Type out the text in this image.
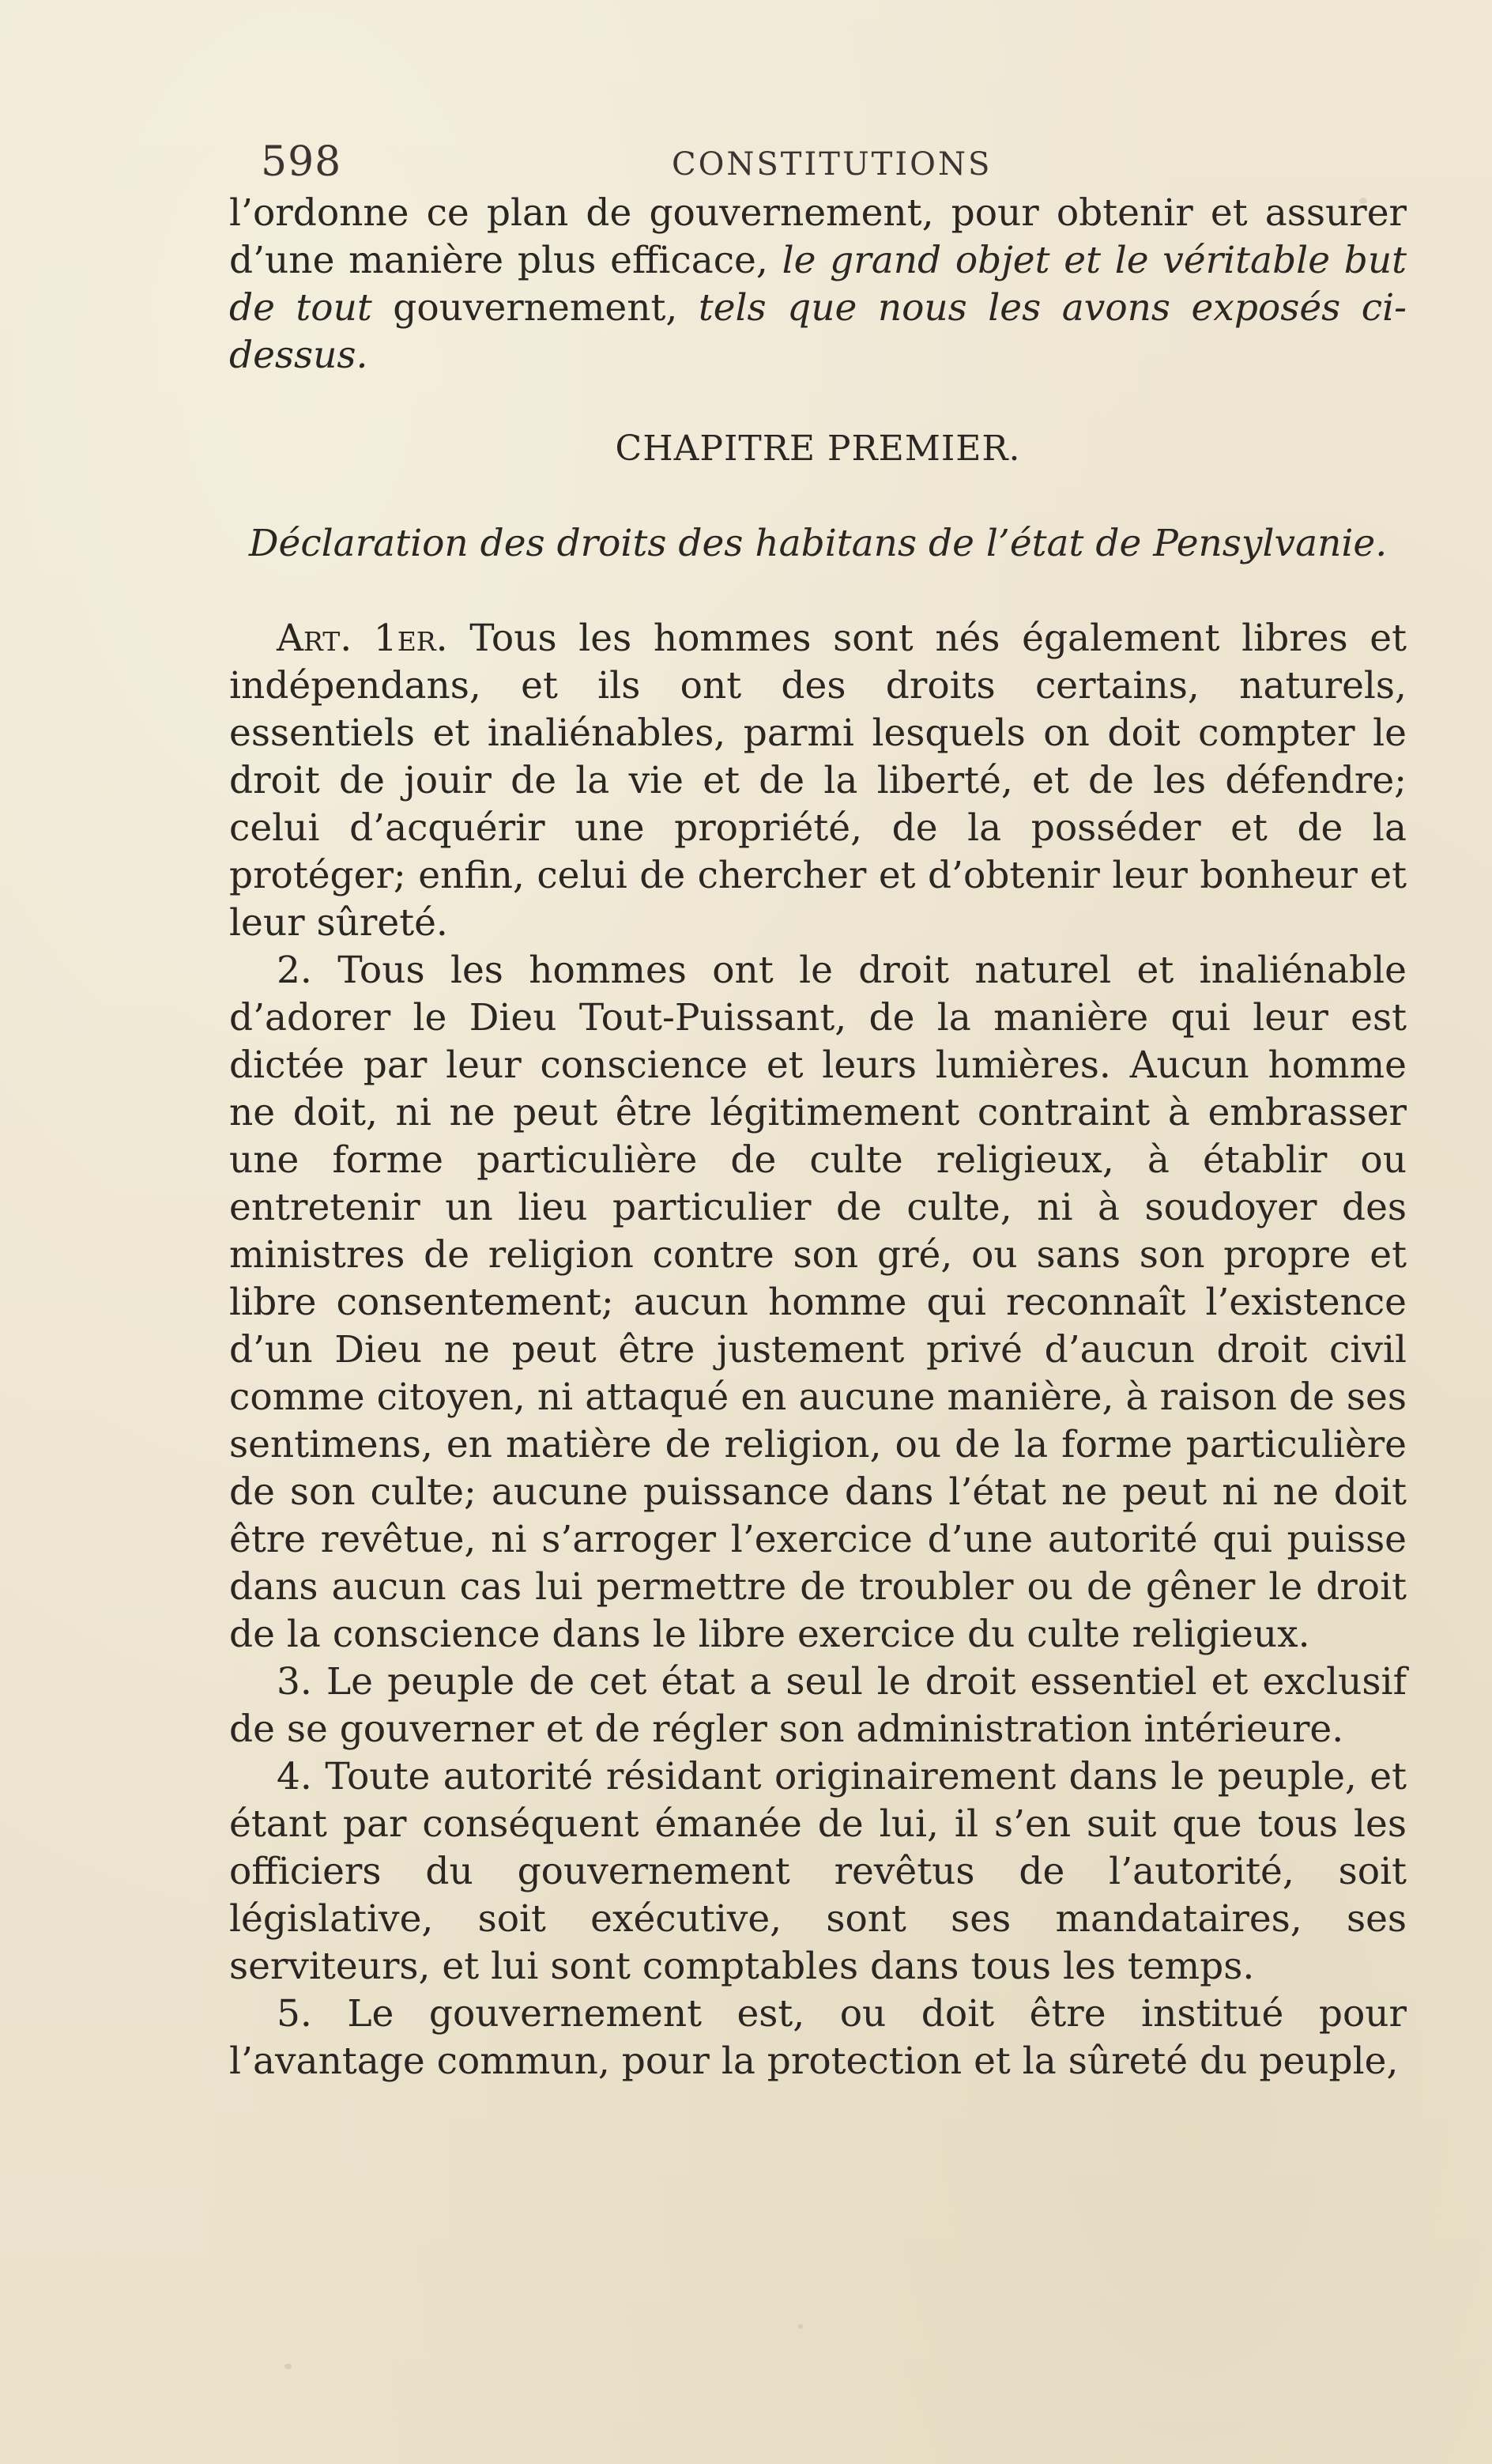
598	CONSTITUTIONS

l’ordonne ce plan de gouvernement, pour obtenir et assurer d’une manière plus efficace, le grand objet et le véritable but de tout gouvernement, tels que nous les avons exposés ci-dessus.

CHAPITRE PREMIER.

Déclaration des droits des habitans de l’état de Pensylvanie.

Art. 1er. Tous les hommes sont nés également libres et indépendans, et ils ont des droits certains, naturels, essentiels et inaliénables, parmi lesquels on doit compter le droit de jouir de la vie et de la liberté, et de les défendre; celui d’acquérir une propriété, de la posséder et de la protéger; enfin, celui de chercher et d’obtenir leur bonheur et leur sûreté.

2. Tous les hommes ont le droit naturel et inaliénable d’adorer le Dieu Tout-Puissant, de la manière qui leur est dictée par leur conscience et leurs lumières. Aucun homme ne doit, ni ne peut être légitimement contraint à embrasser une forme particulière de culte religieux, à établir ou entretenir un lieu particulier de culte, ni à soudoyer des ministres de religion contre son gré, ou sans son propre et libre consentement; aucun homme qui reconnaît l’existence d’un Dieu ne peut être justement privé d’aucun droit civil comme citoyen, ni attaqué en aucune manière, à raison de ses sentimens, en matière de religion, ou de la forme particulière de son culte; aucune puissance dans l’état ne peut ni ne doit être revêtue, ni s’arroger l’exercice d’une autorité qui puisse dans aucun cas lui permettre de troubler ou de gêner le droit de la conscience dans le libre exercice du culte religieux.

3. Le peuple de cet état a seul le droit essentiel et exclusif de se gouverner et de régler son administration intérieure.

4. Toute autorité résidant originairement dans le peuple, et étant par conséquent émanée de lui, il s’en suit que tous les officiers du gouvernement revêtus de l’autorité, soit législative, soit exécutive, sont ses mandataires, ses serviteurs, et lui sont comptables dans tous les temps.

5. Le gouvernement est, ou doit être institué pour l’avantage commun, pour la protection et la sûreté du peuple,
